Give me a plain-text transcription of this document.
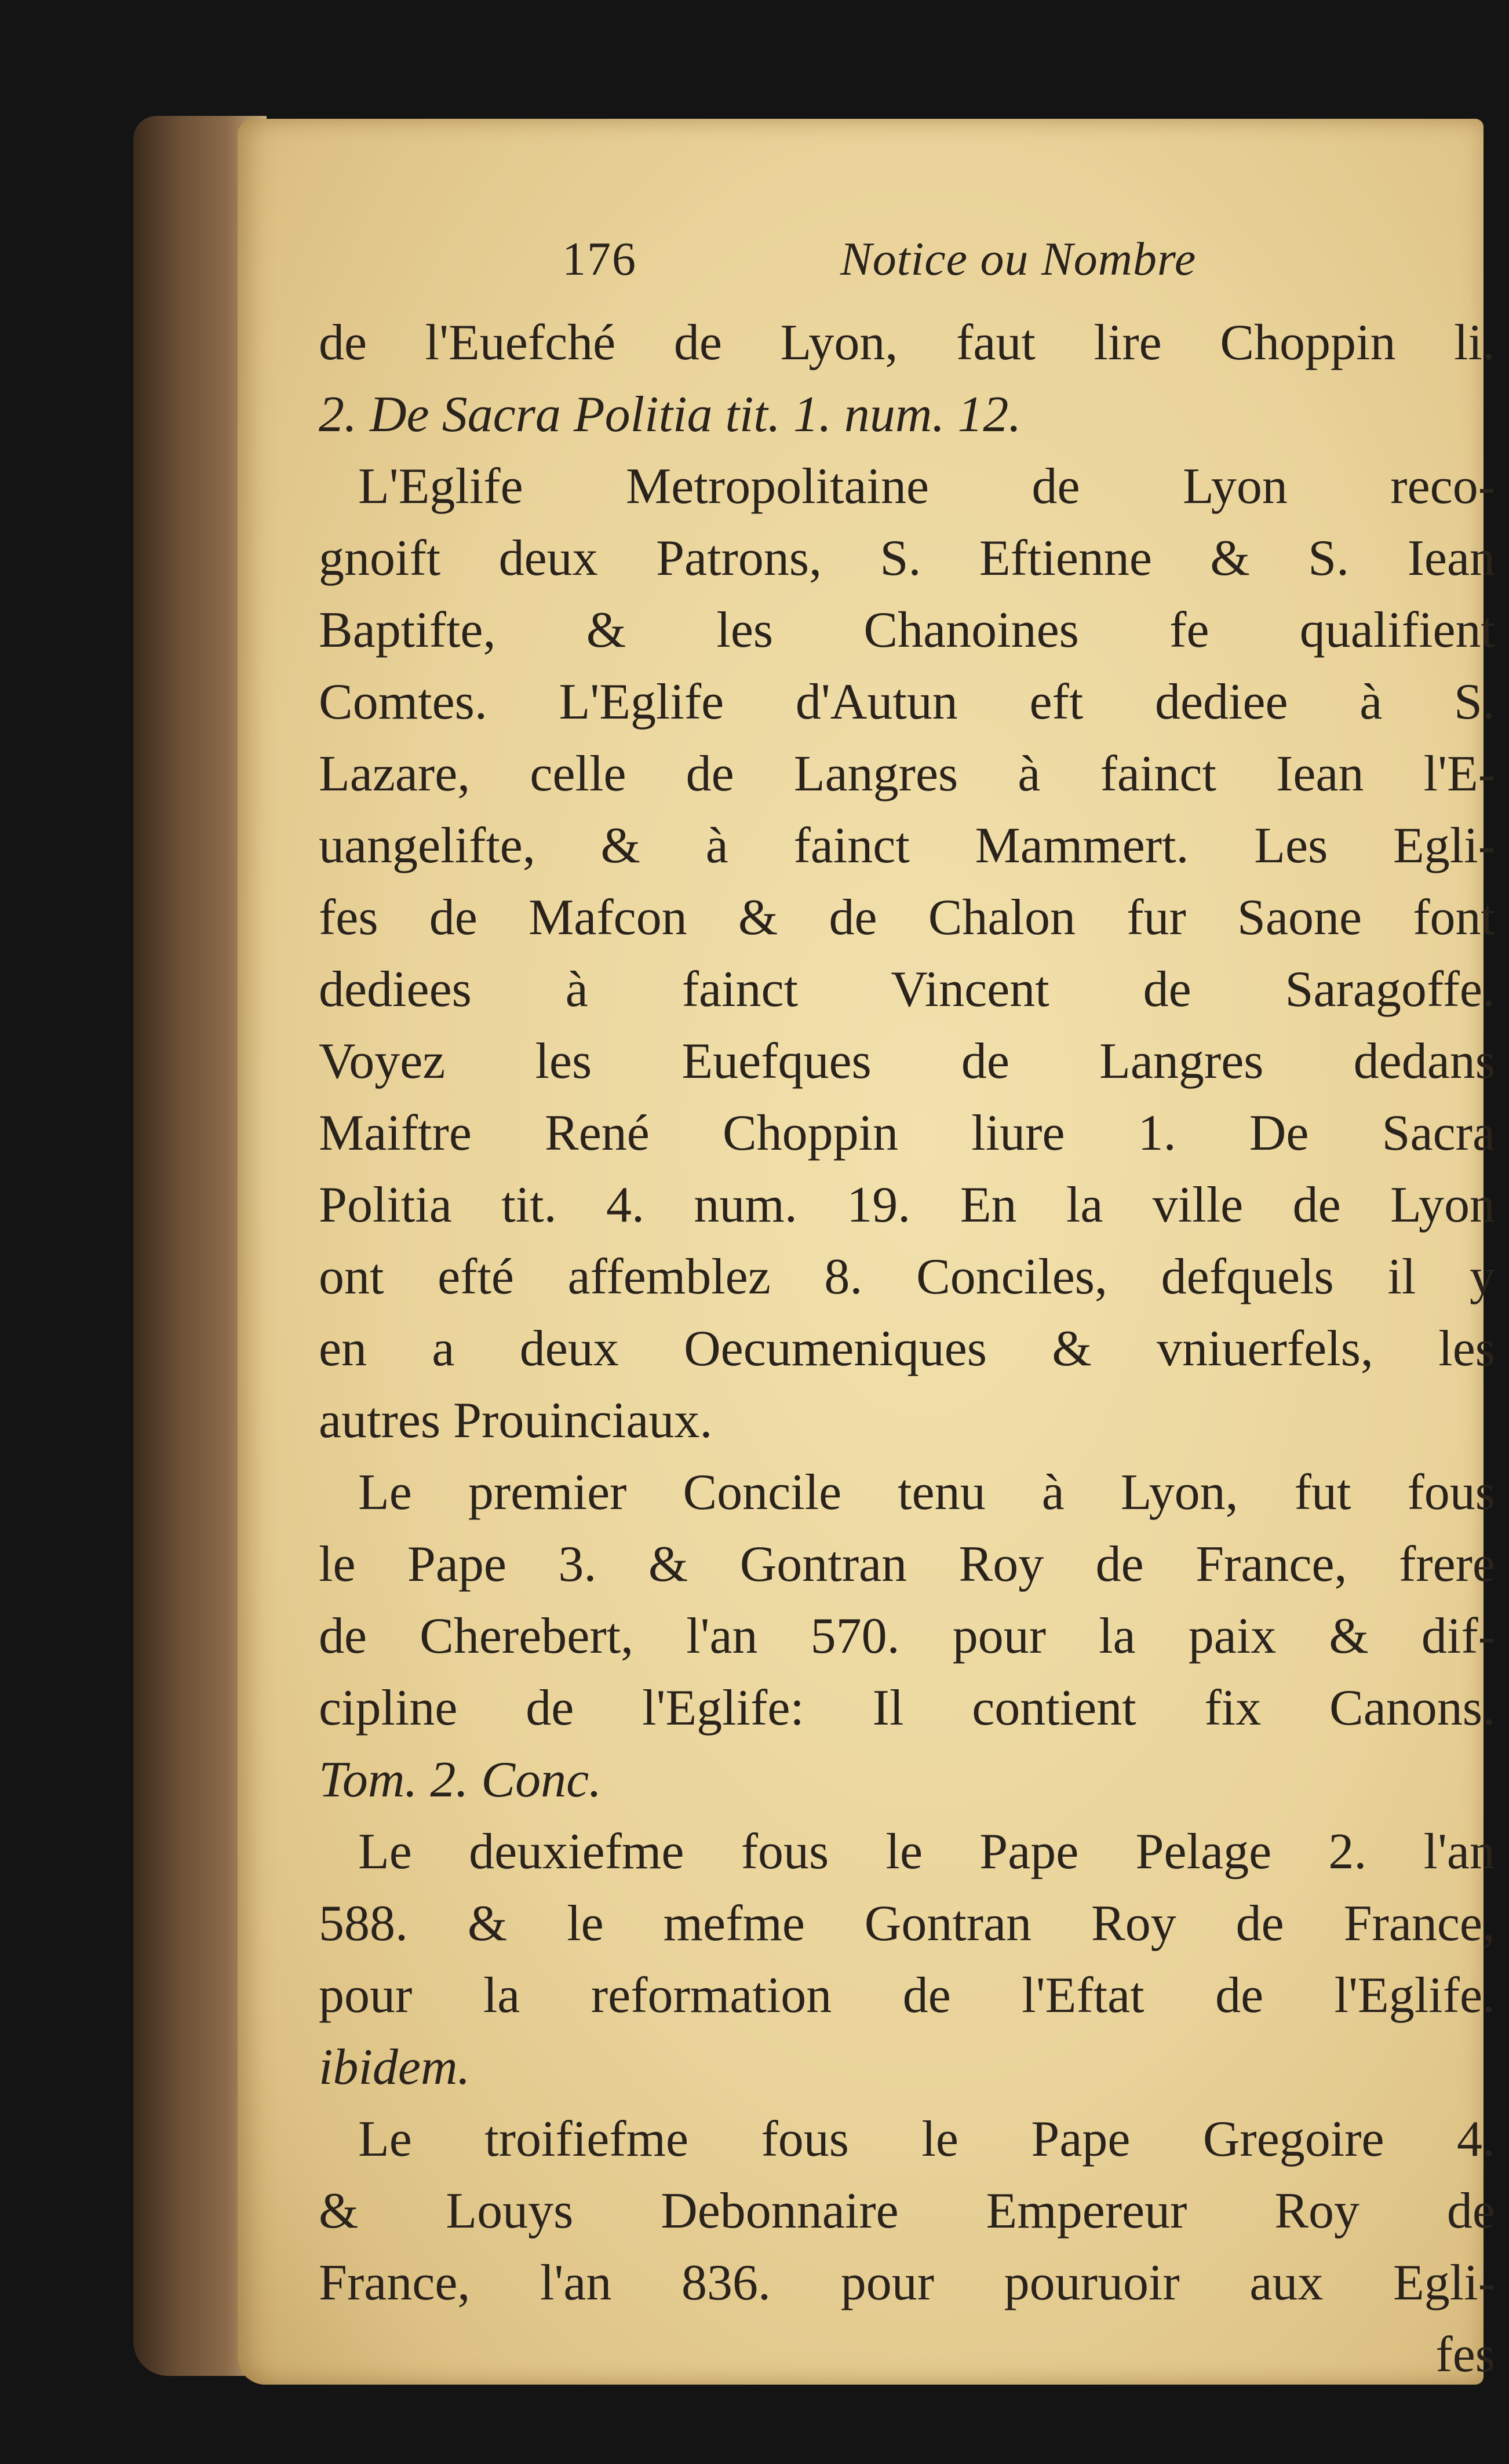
176	Notice ou Nombre
de l'Euefché de Lyon, faut lire Choppin li.
2. De Sacra Politia tit. 1. num. 12.
L'Eglife Metropolitaine de Lyon reco-
gnoift deux Patrons, S. Eftienne & S. Iean
Baptifte, & les Chanoines fe qualifient
Comtes. L'Eglife d'Autun eft dediee à S.
Lazare, celle de Langres à fainct Iean l'E-
uangelifte, & à fainct Mammert. Les Egli-
fes de Mafcon & de Chalon fur Saone font
dediees à fainct Vincent de Saragoffe.
Voyez les Euefques de Langres dedans
Maiftre René Choppin liure 1. De Sacra
Politia tit. 4. num. 19. En la ville de Lyon
ont efté affemblez 8. Conciles, defquels il y
en a deux Oecumeniques & vniuerfels, les
autres Prouinciaux.
Le premier Concile tenu à Lyon, fut fous
le Pape 3. & Gontran Roy de France, frere
de Cherebert, l'an 570. pour la paix & dif-
cipline de l'Eglife: Il contient fix Canons.
Tom. 2. Conc.
Le deuxiefme fous le Pape Pelage 2. l'an
588. & le mefme Gontran Roy de France,
pour la reformation de l'Eftat de l'Eglife.
ibidem.
Le troifiefme fous le Pape Gregoire 4.
& Louys Debonnaire Empereur Roy de
France, l'an 836. pour pouruoir aux Egli-
fes
